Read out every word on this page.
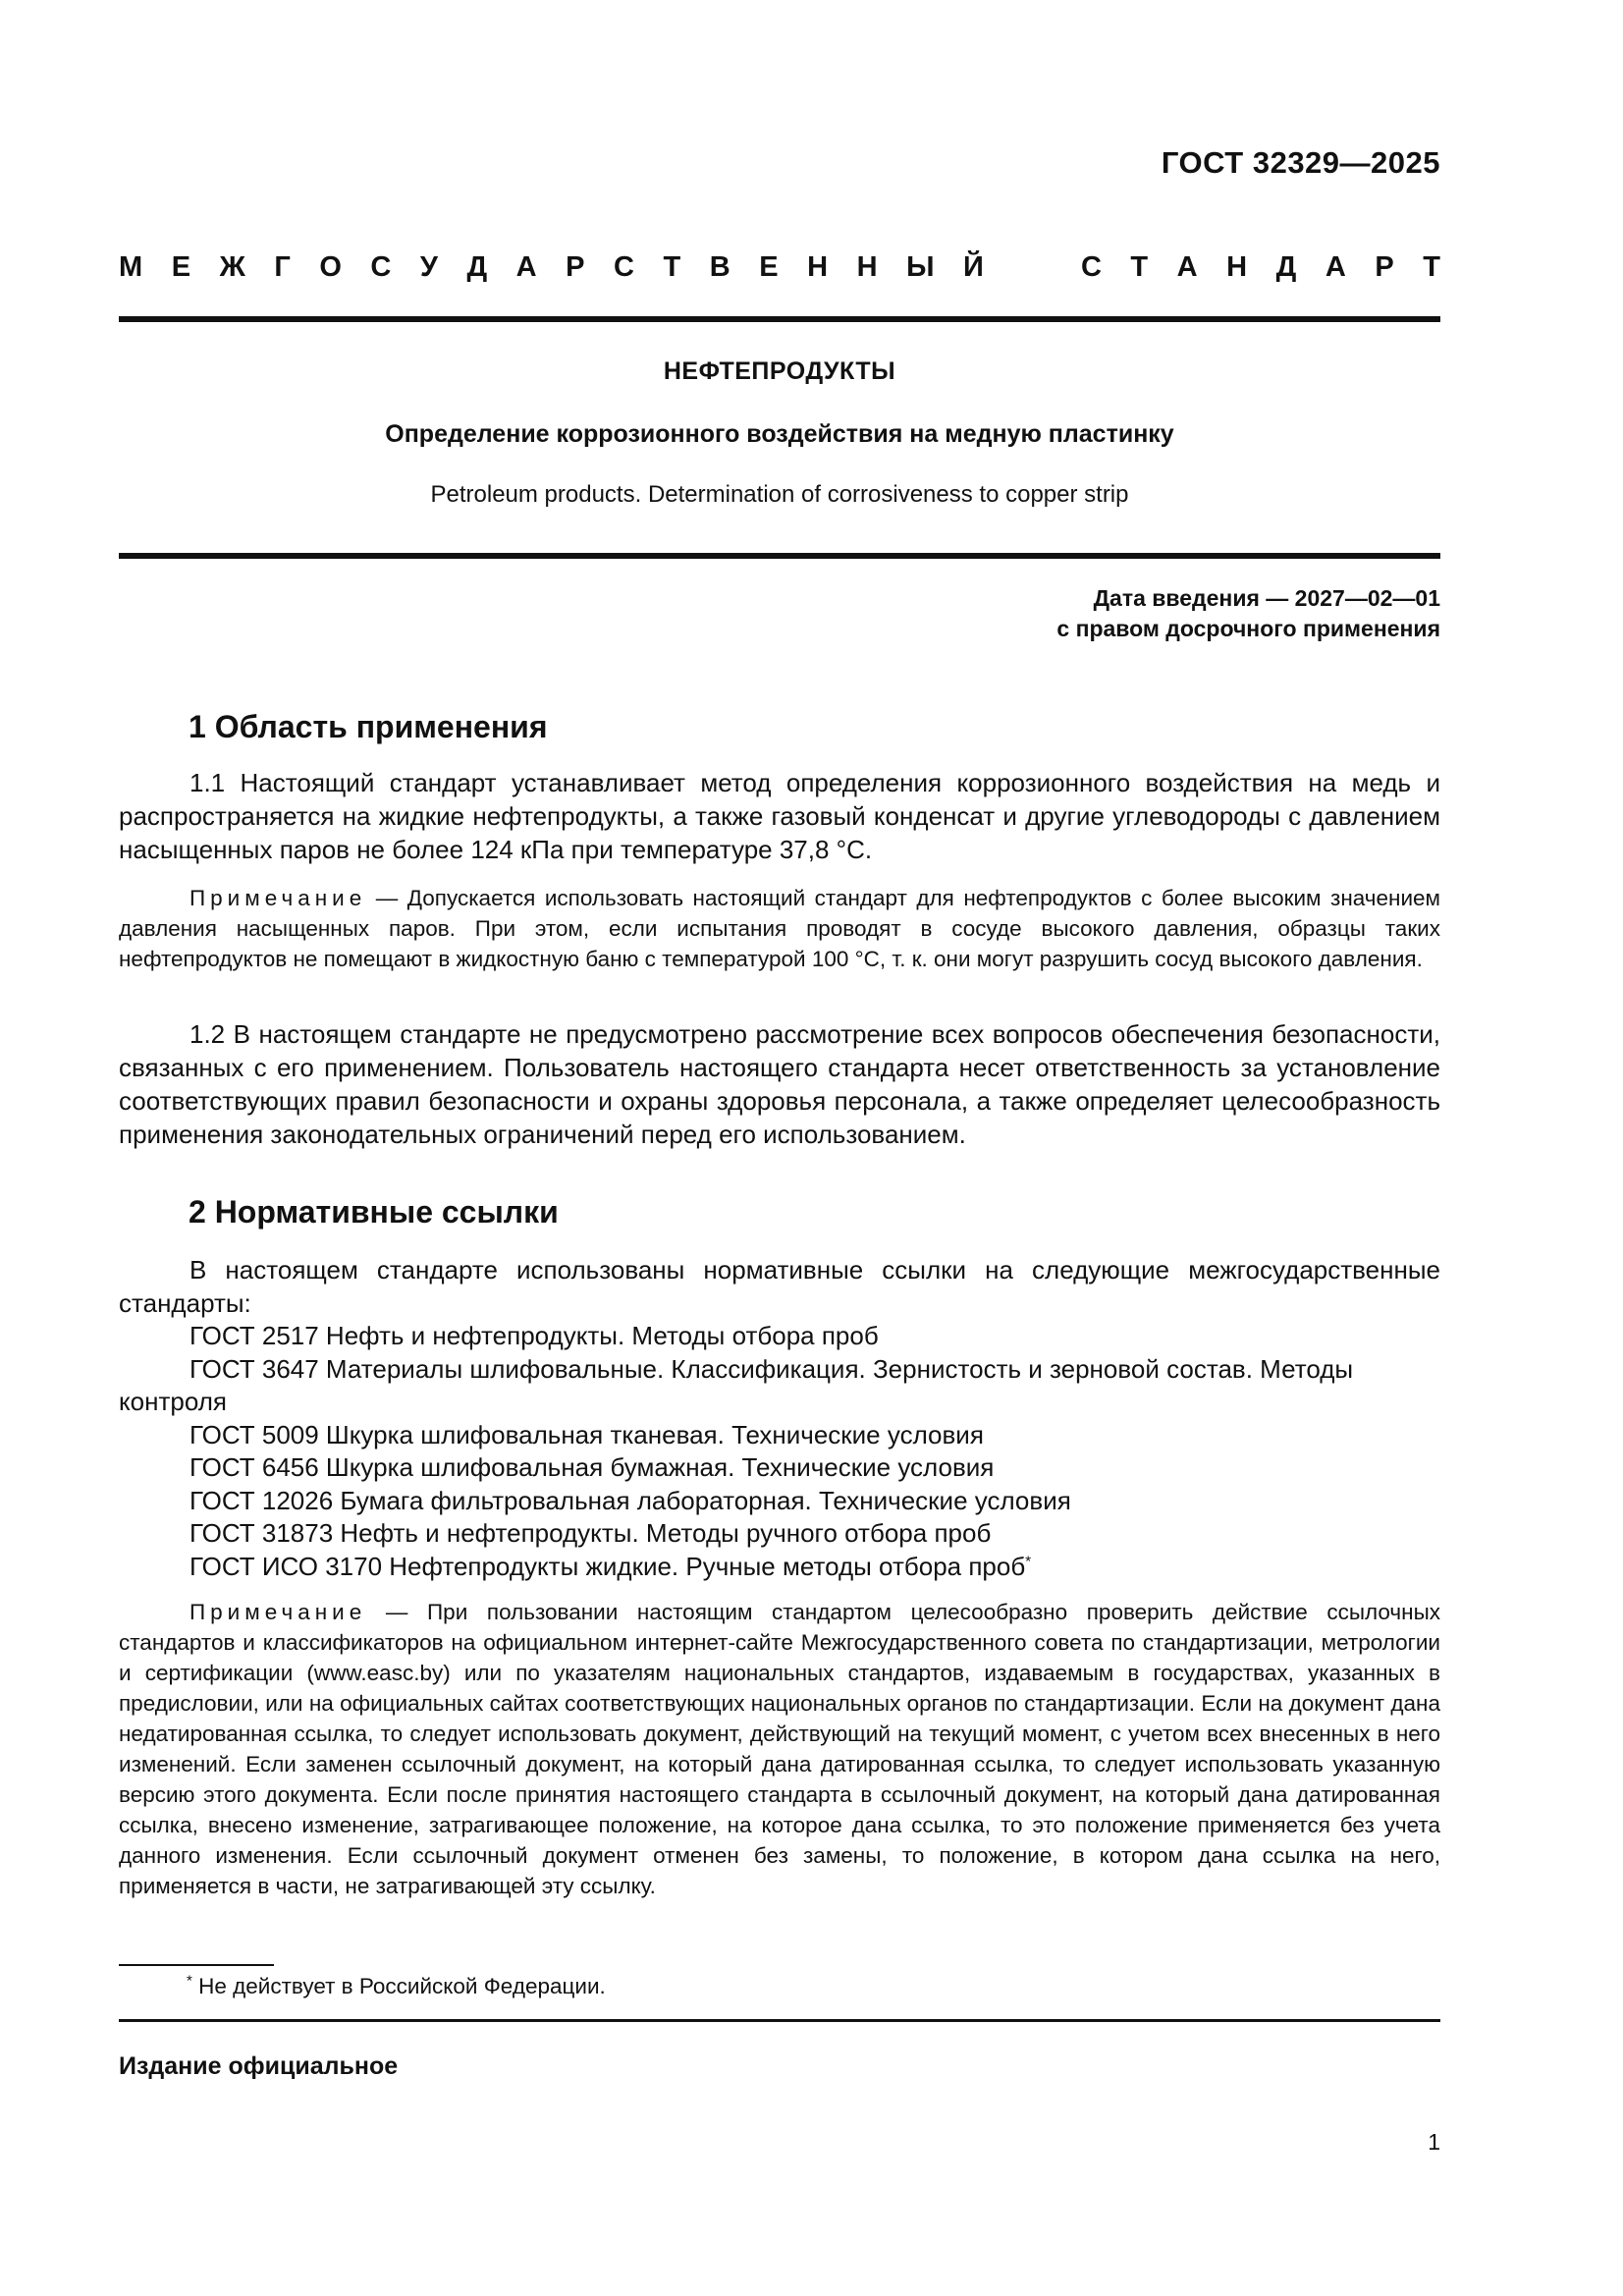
ГОСТ 32329—2025
М Е Ж Г О С У Д А Р С Т В Е Н Н Ы Й	С Т А Н Д А Р Т
НЕФТЕПРОДУКТЫ
Определение коррозионного воздействия на медную пластинку
Petroleum products. Determination of corrosiveness to copper strip
Дата введения — 2027—02—01
с правом досрочного применения
1 Область применения

1.1 Настоящий стандарт устанавливает метод определения коррозионного воздействия на медь и распространяется на жидкие нефтепродукты, а также газовый конденсат и другие углеводороды с давлением насыщенных паров не более 124 кПа при температуре 37,8 °С.

Примечание — Допускается использовать настоящий стандарт для нефтепродуктов с более высоким значением давления насыщенных паров. При этом, если испытания проводят в сосуде высокого давления, образцы таких нефтепродуктов не помещают в жидкостную баню с температурой 100 °С, т. к. они могут разрушить сосуд высокого давления.

1.2 В настоящем стандарте не предусмотрено рассмотрение всех вопросов обеспечения безопасности, связанных с его применением. Пользователь настоящего стандарта несет ответственность за установление соответствующих правил безопасности и охраны здоровья персонала, а также определяет целесообразность применения законодательных ограничений перед его использованием.

2 Нормативные ссылки

В настоящем стандарте использованы нормативные ссылки на следующие межгосударственные стандарты:

ГОСТ 2517 Нефть и нефтепродукты. Методы отбора проб
ГОСТ 3647 Материалы шлифовальные. Классификация. Зернистость и зерновой состав. Методы контроля
ГОСТ 5009 Шкурка шлифовальная тканевая. Технические условия
ГОСТ 6456 Шкурка шлифовальная бумажная. Технические условия
ГОСТ 12026 Бумага фильтровальная лабораторная. Технические условия
ГОСТ 31873 Нефть и нефтепродукты. Методы ручного отбора проб
ГОСТ ИСО 3170 Нефтепродукты жидкие. Ручные методы отбора проб*

Примечание — При пользовании настоящим стандартом целесообразно проверить действие ссылочных стандартов и классификаторов на официальном интернет-сайте Межгосударственного совета по стандартизации, метрологии и сертификации (www.easc.by) или по указателям национальных стандартов, издаваемым в государствах, указанных в предисловии, или на официальных сайтах соответствующих национальных органов по стандартизации. Если на документ дана недатированная ссылка, то следует использовать документ, действующий на текущий момент, с учетом всех внесенных в него изменений. Если заменен ссылочный документ, на который дана датированная ссылка, то следует использовать указанную версию этого документа. Если после принятия настоящего стандарта в ссылочный документ, на который дана датированная ссылка, внесено изменение, затрагивающее положение, на которое дана ссылка, то это положение применяется без учета данного изменения. Если ссылочный документ отменен без замены, то положение, в котором дана ссылка на него, применяется в части, не затрагивающей эту ссылку.

* Не действует в Российской Федерации.
Издание официальное
1
